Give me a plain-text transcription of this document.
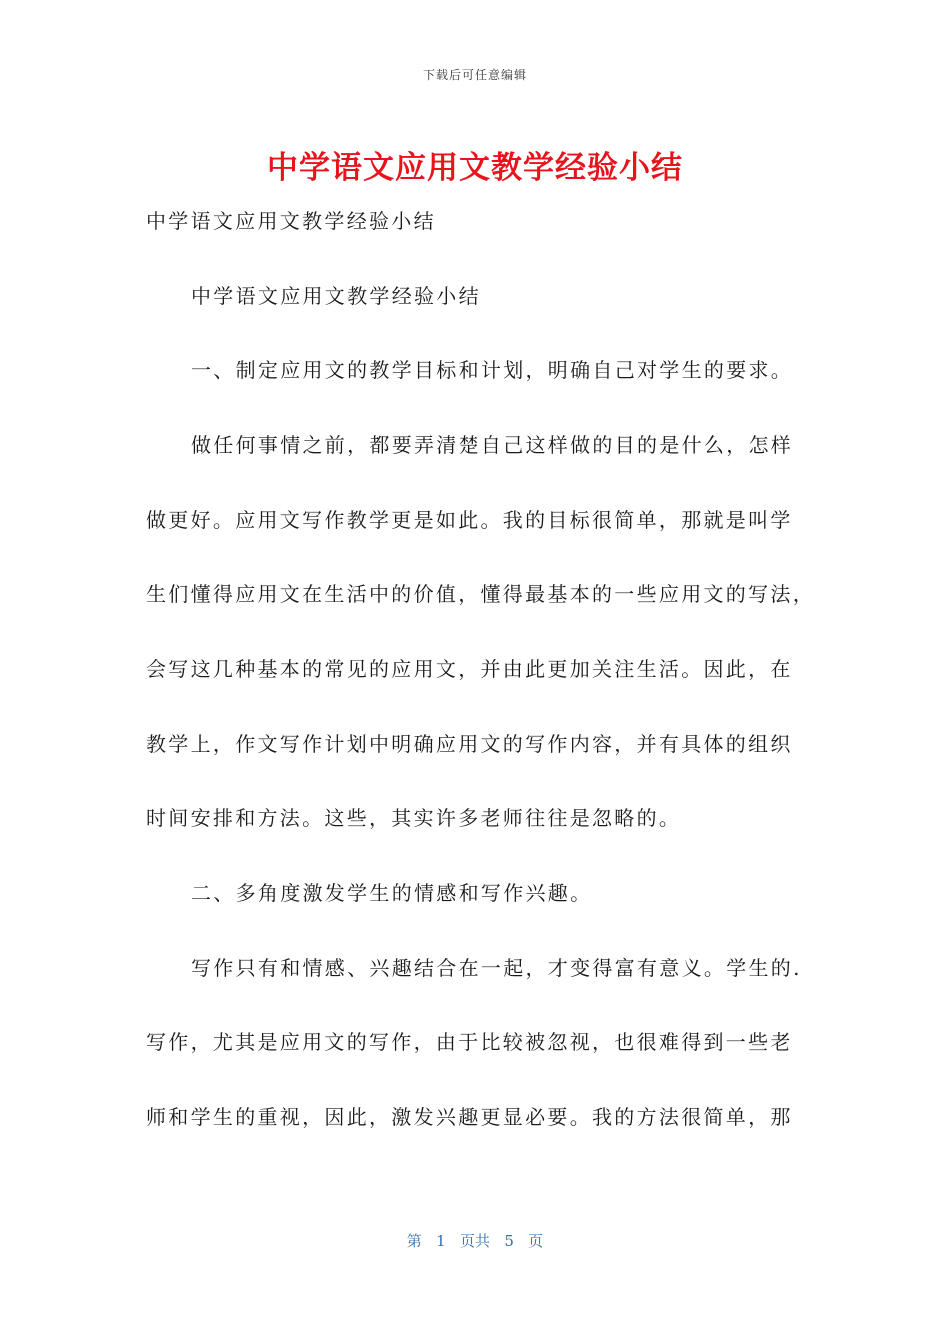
下载后可任意编辑
中学语文应用文教学经验小结
中学语文应用文教学经验小结
中学语文应用文教学经验小结
一、制定应用文的教学目标和计划，明确自己对学生的要求。
做任何事情之前，都要弄清楚自己这样做的目的是什么，怎样
做更好。应用文写作教学更是如此。我的目标很简单，那就是叫学
生们懂得应用文在生活中的价值，懂得最基本的一些应用文的写法，
会写这几种基本的常见的应用文，并由此更加关注生活。因此，在
教学上，作文写作计划中明确应用文的写作内容，并有具体的组织
时间安排和方法。这些，其实许多老师往往是忽略的。
二、多角度激发学生的情感和写作兴趣。
写作只有和情感、兴趣结合在一起，才变得富有意义。学生的.
写作，尤其是应用文的写作，由于比较被忽视，也很难得到一些老
师和学生的重视，因此，激发兴趣更显必要。我的方法很简单，那
第 1 页共 5 页
